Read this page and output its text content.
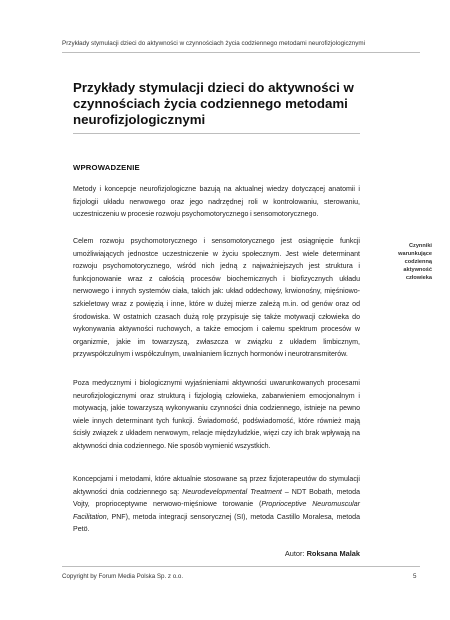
Przykłady stymulacji dzieci do aktywności w czynnościach życia codziennego metodami neurofizjologicznymi
Przykłady stymulacji dzieci do aktywności w czynnościach życia codziennego metodami neurofizjologicznymi
WPROWADZENIE

Metody i koncepcje neurofizjologiczne bazują na aktualnej wiedzy dotyczącej anatomii i fizjologii układu nerwowego oraz jego nadrzędnej roli w kontrolowaniu, sterowaniu, uczestniczeniu w procesie rozwoju psychomotorycznego i sensomotorycznego.

Celem rozwoju psychomotorycznego i sensomotorycznego jest osiągnięcie funkcji umożliwiających jednostce uczestniczenie w życiu społecznym. Jest wiele determinant rozwoju psychomotorycznego, wśród nich jedną z najważniejszych jest struktura i funkcjonowanie wraz z całością procesów biochemicznych i biofizycznych układu nerwowego i innych systemów ciała, takich jak: układ oddechowy, krwionośny, mięśniowo-szkieletowy wraz z powięzią i inne, które w dużej mierze zależą m.in. od genów oraz od środowiska. W ostatnich czasach dużą rolę przypisuje się także motywacji człowieka do wykonywania aktywności ruchowych, a także emocjom i całemu spektrum procesów w organizmie, jakie im towarzyszą, zwłaszcza w związku z układem limbicznym, przywspółczulnym i współczulnym, uwalnianiem licznych hormonów i neurotransmiterów.

Czynniki warunkujące codzienną aktywność człowieka

Poza medycznymi i biologicznymi wyjaśnieniami aktywności uwarunkowanych procesami neurofizjologicznymi oraz strukturą i fizjologią człowieka, zabarwieniem emocjonalnym i motywacją, jakie towarzyszą wykonywaniu czynności dnia codziennego, istnieje na pewno wiele innych determinant tych funkcji. Świadomość, podświadomość, które również mają ścisły związek z układem nerwowym, relacje międzyludzkie, więzi czy ich brak wpływają na aktywności dnia codziennego. Nie sposób wymienić wszystkich.

Koncepcjami i metodami, które aktualnie stosowane są przez fizjoterapeutów do stymulacji aktywności dnia codziennego są: Neurodevelopmental Treatment – NDT Bobath, metoda Vojty, proprioceptywne nerwowo-mięśniowe torowanie (Proprioceptive Neuromuscular Facilitation, PNF), metoda integracji sensorycznej (SI), metoda Castillo Moralesa, metoda Petö.

Autor: Roksana Malak
Copyright by Forum Media Polska Sp. z o.o.	5
